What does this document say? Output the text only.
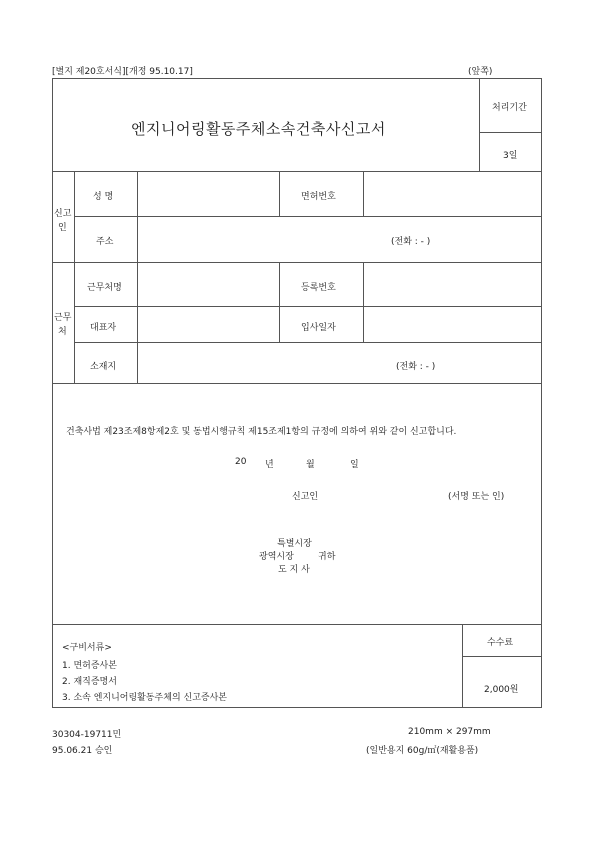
[별지 제20호서식][개정 95.10.17]	(앞쪽)
엔지니어링활동주체소속건축사신고서
처리기간
3일
신고
인
성 명	면허번호
주소	(전화 : - )
근무
처
근무처명	등록번호
대표자	입사일자
소재지	(전화 : - )
건축사법 제23조제8항제2호 및 동법시행규칙 제15조제1항의 규정에 의하여 위와 같이 신고합니다.
20 년	월	일
신고인	(서명 또는 인)
특별시장
광역시장	귀하
도 지 사
<구비서류>
1. 면허증사본
2. 재직증명서
3. 소속 엔지니어링활동주체의 신고증사본
수수료
2,000원
30304-19711민
95.06.21 승인
210mm × 297mm
(일반용지 60g/㎡(재활용품)
